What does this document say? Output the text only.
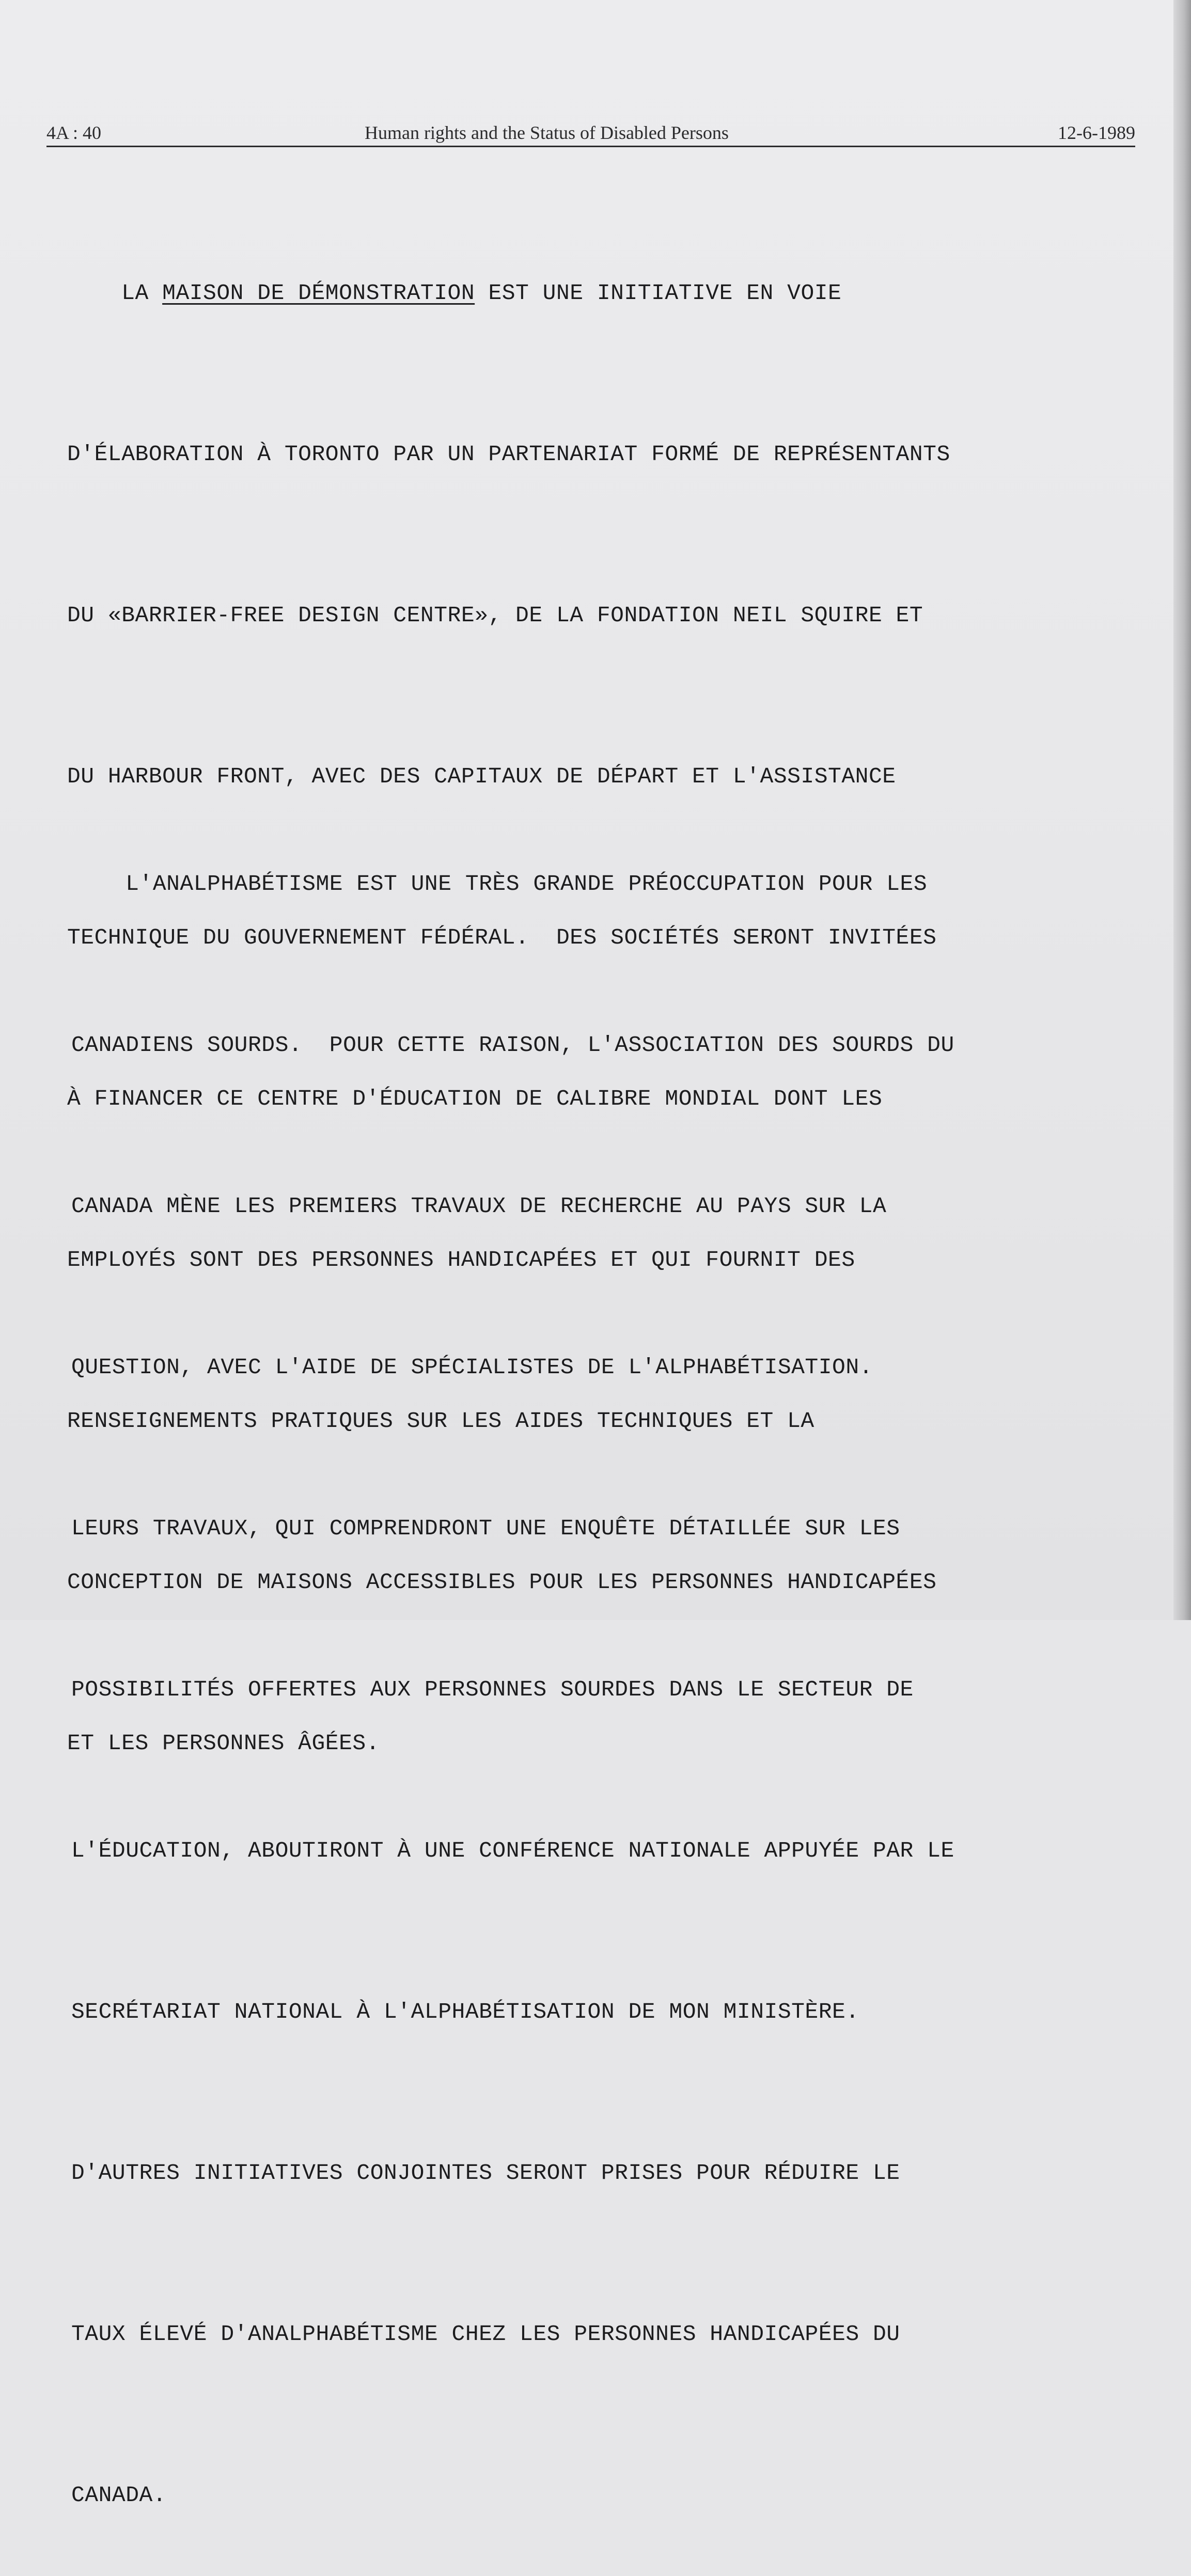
4A : 40	Human rights and the Status of Disabled Persons	12-6-1989

LA MAISON DE DÉMONSTRATION EST UNE INITIATIVE EN VOIE

D'ÉLABORATION À TORONTO PAR UN PARTENARIAT FORMÉ DE REPRÉSENTANTS

DU «BARRIER-FREE DESIGN CENTRE», DE LA FONDATION NEIL SQUIRE ET

DU HARBOUR FRONT, AVEC DES CAPITAUX DE DÉPART ET L'ASSISTANCE

TECHNIQUE DU GOUVERNEMENT FÉDÉRAL.  DES SOCIÉTÉS SERONT INVITÉES

À FINANCER CE CENTRE D'ÉDUCATION DE CALIBRE MONDIAL DONT LES

EMPLOYÉS SONT DES PERSONNES HANDICAPÉES ET QUI FOURNIT DES

RENSEIGNEMENTS PRATIQUES SUR LES AIDES TECHNIQUES ET LA

CONCEPTION DE MAISONS ACCESSIBLES POUR LES PERSONNES HANDICAPÉES

ET LES PERSONNES ÂGÉES.

L'ANALPHABÉTISME EST UNE TRÈS GRANDE PRÉOCCUPATION POUR LES

CANADIENS SOURDS.  POUR CETTE RAISON, L'ASSOCIATION DES SOURDS DU

CANADA MÈNE LES PREMIERS TRAVAUX DE RECHERCHE AU PAYS SUR LA

QUESTION, AVEC L'AIDE DE SPÉCIALISTES DE L'ALPHABÉTISATION.

LEURS TRAVAUX, QUI COMPRENDRONT UNE ENQUÊTE DÉTAILLÉE SUR LES

POSSIBILITÉS OFFERTES AUX PERSONNES SOURDES DANS LE SECTEUR DE

L'ÉDUCATION, ABOUTIRONT À UNE CONFÉRENCE NATIONALE APPUYÉE PAR LE

SECRÉTARIAT NATIONAL À L'ALPHABÉTISATION DE MON MINISTÈRE.

D'AUTRES INITIATIVES CONJOINTES SERONT PRISES POUR RÉDUIRE LE

TAUX ÉLEVÉ D'ANALPHABÉTISME CHEZ LES PERSONNES HANDICAPÉES DU

CANADA.
